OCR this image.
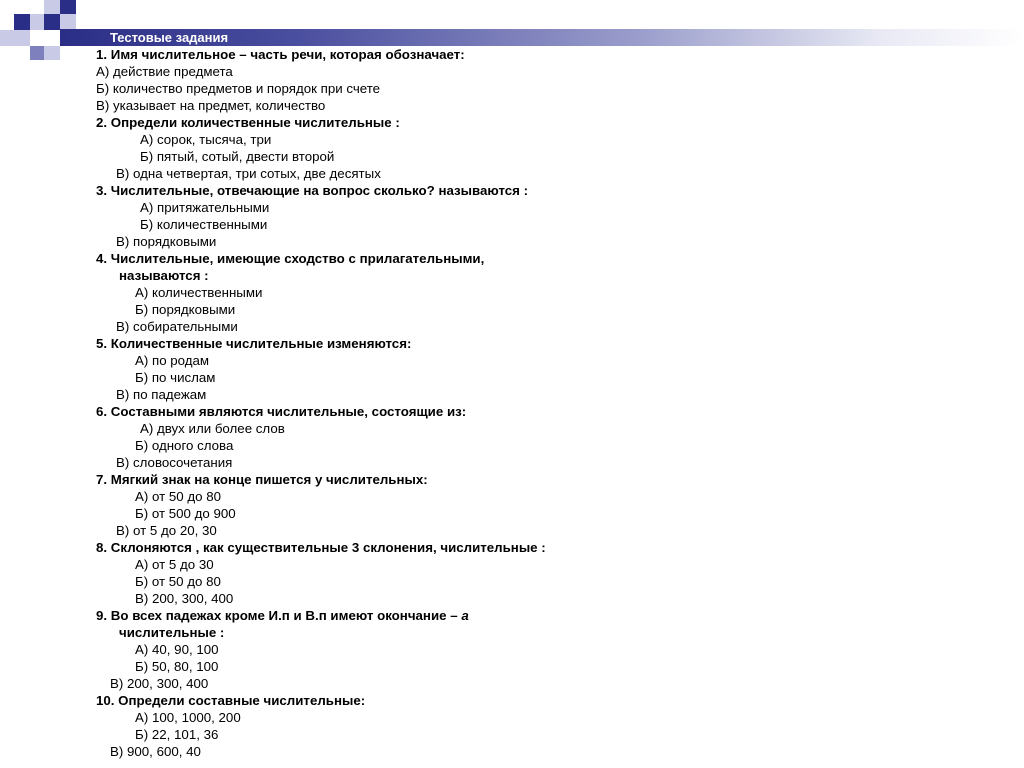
Тестовые задания
1. Имя числительное – часть речи, которая обозначает:
А) действие предмета
Б) количество предметов и порядок при счете
В) указывает на предмет, количество
2. Определи количественные числительные :
А) сорок, тысяча, три
Б) пятый, сотый, двести второй
В) одна четвертая, три сотых, две десятых
3. Числительные, отвечающие на вопрос сколько? называются :
А) притяжательными
Б) количественными
В) порядковыми
4. Числительные, имеющие сходство с прилагательными,
называются :
А) количественными
Б) порядковыми
В) собирательными
5. Количественные числительные изменяются:
А) по родам
Б) по числам
В) по падежам
6. Составными являются числительные, состоящие из:
А) двух или более слов
Б) одного слова
В) словосочетания
7. Мягкий знак на конце пишется у числительных:
А) от 50 до 80
Б) от 500 до 900
В) от 5 до 20, 30
8. Склоняются , как существительные 3 склонения, числительные :
А) от 5 до 30
Б) от 50 до 80
В) 200, 300, 400
9. Во всех падежах кроме И.п и В.п имеют окончание – а
числительные :
А) 40, 90, 100
Б) 50, 80, 100
В) 200, 300, 400
10. Определи составные числительные:
А) 100, 1000, 200
Б) 22, 101, 36
В) 900, 600, 40
